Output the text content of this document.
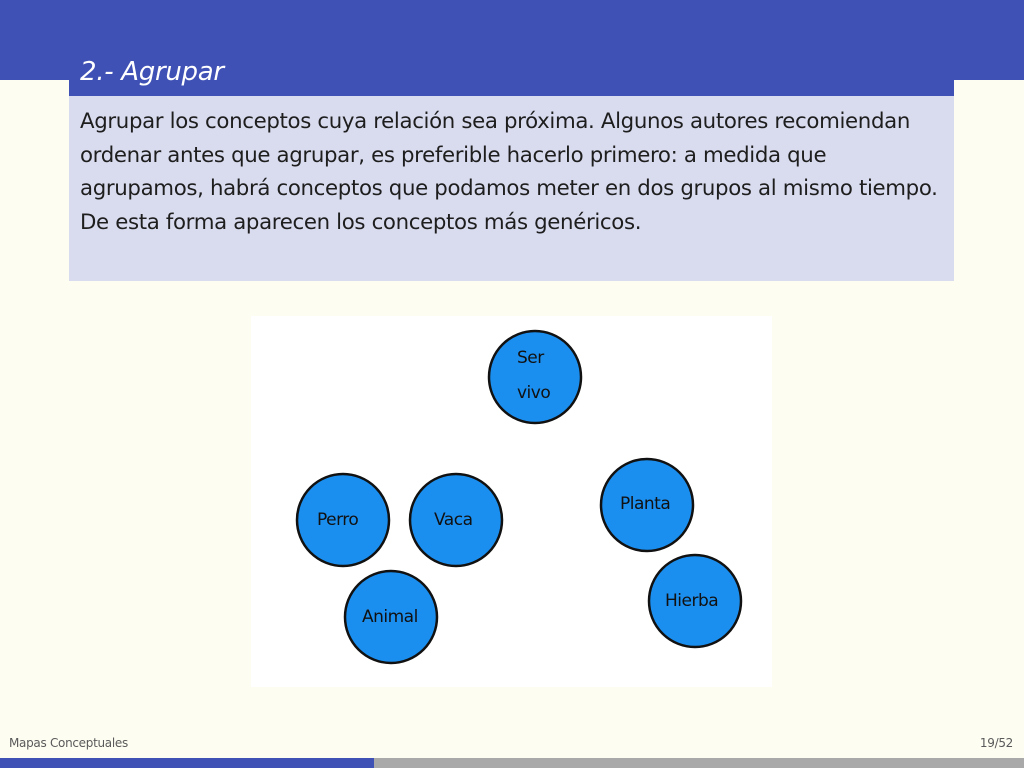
2.- Agrupar
Agrupar los conceptos cuya relación sea próxima. Algunos autores recomiendan ordenar antes que agrupar, es preferible hacerlo primero: a medida que agrupamos, habrá conceptos que podamos meter en dos grupos al mismo tiempo. De esta forma aparecen los conceptos más genéricos.
Ser
vivo
Perro	Vaca
Planta
Animal
Hierba
Mapas Conceptuales	19/52
